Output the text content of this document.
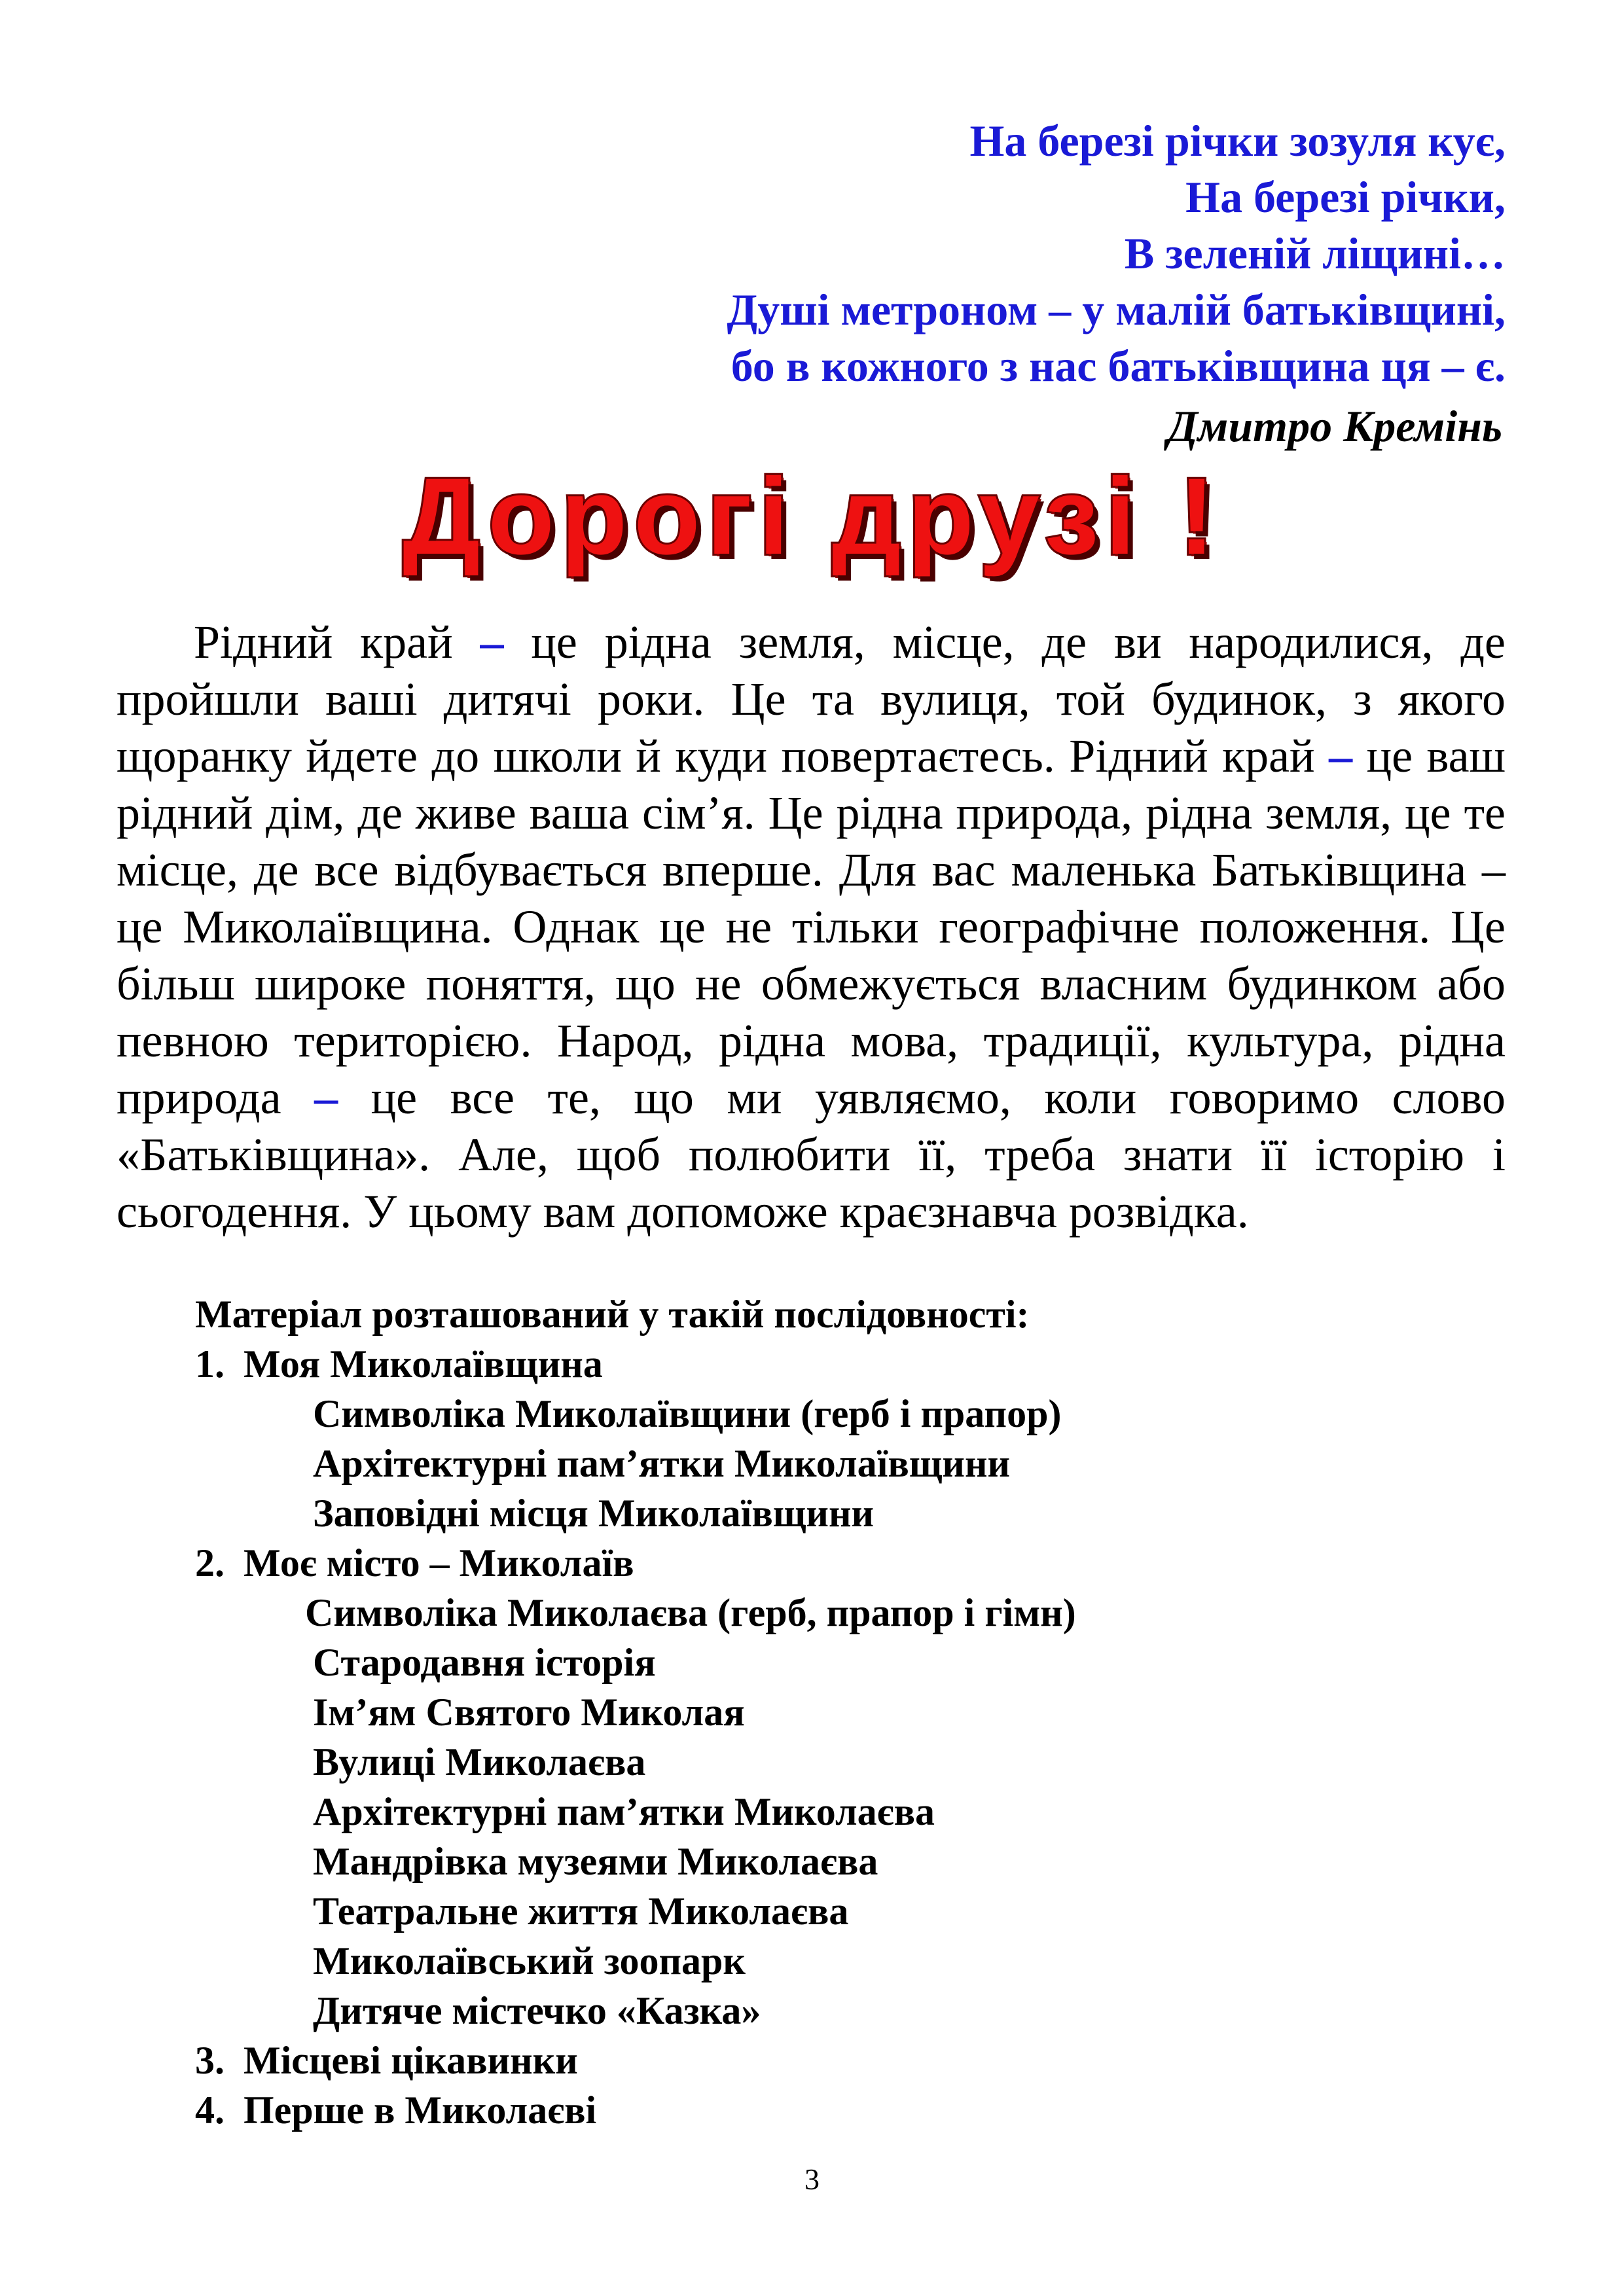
На березі річки зозуля кує,
На березі річки,
В зеленій ліщині…
Душі метроном – у малій батьківщині,
бо в кожного з нас батьківщина ця – є.
Дмитро Кремінь
Дорогі друзі !

Рідний край – це рідна земля, місце, де ви народилися, де пройшли ваші дитячі роки. Це та вулиця, той будинок, з якого щоранку йдете до школи й куди повертаєтесь. Рідний край – це ваш рідний дім, де живе ваша сім’я. Це рідна природа, рідна земля, це те місце, де все відбувається вперше. Для вас маленька Батьківщина – це Миколаївщина. Однак це не тільки географічне положення. Це більш широке поняття, що не обмежується власним будинком або певною територією. Народ, рідна мова, традиції, культура, рідна природа – це все те, що ми уявляємо, коли говоримо слово «Батьківщина». Але, щоб полюбити її, треба знати її історію і сьогодення. У цьому вам допоможе краєзнавча розвідка.

Матеріал розташований у такій послідовності:
1. Моя Миколаївщина
Символіка Миколаївщини (герб і прапор)
Архітектурні пам’ятки Миколаївщини
Заповідні місця Миколаївщини
2. Моє місто – Миколаїв
Символіка Миколаєва (герб, прапор і гімн)
Стародавня історія
Ім’ям Святого Миколая
Вулиці Миколаєва
Архітектурні пам’ятки Миколаєва
Мандрівка музеями Миколаєва
Театральне життя Миколаєва
Миколаївський зоопарк
Дитяче містечко «Казка»
3. Місцеві цікавинки
4. Перше в Миколаєві
3
